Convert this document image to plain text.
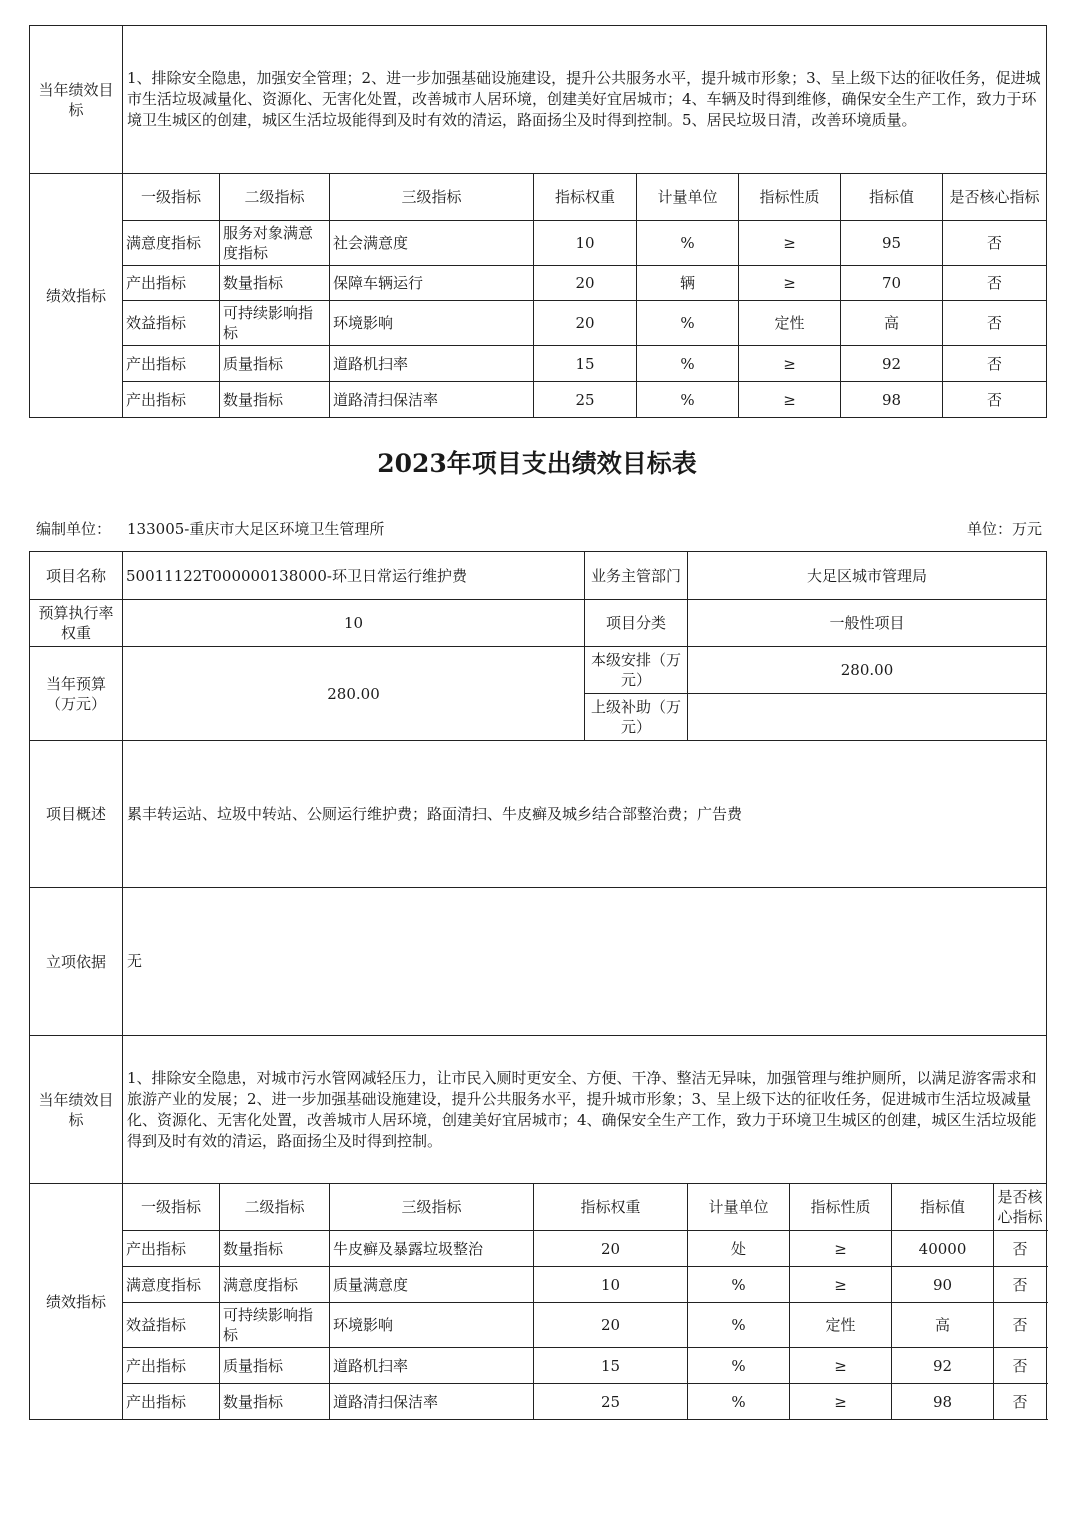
当年绩效目标	1、排除安全隐患，加强安全管理；2、进一步加强基础设施建设，提升公共服务水平，提升城市形象；3、呈上级下达的征收任务，促进城市生活垃圾减量化、资源化、无害化处置，改善城市人居环境，创建美好宜居城市；4、车辆及时得到维修，确保安全生产工作，致力于环境卫生城区的创建，城区生活垃圾能得到及时有效的清运，路面扬尘及时得到控制。5、居民垃圾日清，改善环境质量。							
绩效指标	一级指标	二级指标	三级指标	指标权重	计量单位	指标性质	指标值	是否核心指标
	满意度指标	服务对象满意度指标	社会满意度	10	%	≥	95	否
	产出指标	数量指标	保障车辆运行	20	辆	≥	70	否
	效益指标	可持续影响指标	环境影响	20	%	定性	高	否
	产出指标	质量指标	道路机扫率	15	%	≥	92	否
	产出指标	数量指标	道路清扫保洁率	25	%	≥	98	否
2023年项目支出绩效目标表
编制单位： 133005-重庆市大足区环境卫生管理所	单位：万元
项目名称	50011122T000000138000-环卫日常运行维护费				业务主管部门	大足区城市管理局			
预算执行率权重	10				项目分类	一般性项目			
当年预算（万元）	280.00				本级安排（万元）	280.00			
					上级补助（万元）				
项目概述	累丰转运站、垃圾中转站、公厕运行维护费；路面清扫、牛皮癣及城乡结合部整治费；广告费								
立项依据	无								
当年绩效目标	1、排除安全隐患，对城市污水管网减轻压力，让市民入厕时更安全、方便、干净、整洁无异味，加强管理与维护厕所，以满足游客需求和旅游产业的发展；2、进一步加强基础设施建设，提升公共服务水平，提升城市形象；3、呈上级下达的征收任务，促进城市生活垃圾减量化、资源化、无害化处置，改善城市人居环境，创建美好宜居城市；4、确保安全生产工作，致力于环境卫生城区的创建，城区生活垃圾能得到及时有效的清运，路面扬尘及时得到控制。								
绩效指标	一级指标	二级指标	三级指标	指标权重		计量单位	指标性质	指标值	是否核心指标
	产出指标	数量指标	牛皮癣及暴露垃圾整治	20		处	≥	40000	否
	满意度指标	满意度指标	质量满意度	10		%	≥	90	否
	效益指标	可持续影响指标	环境影响	20		%	定性	高	否
	产出指标	质量指标	道路机扫率	15		%	≥	92	否
	产出指标	数量指标	道路清扫保洁率	25		%	≥	98	否
